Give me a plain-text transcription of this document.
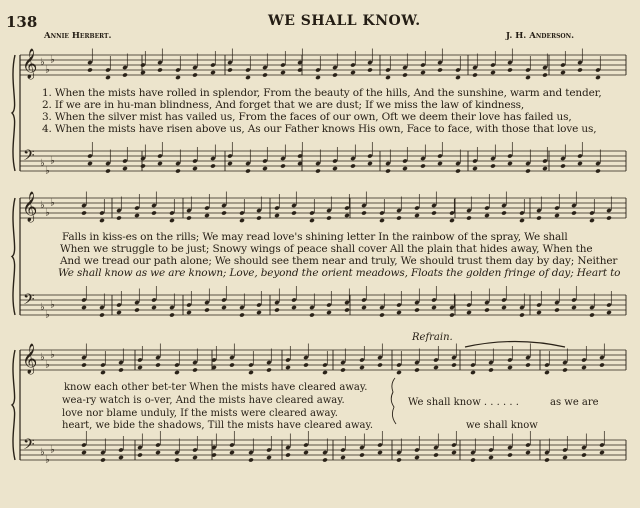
𝄞
𝄢
♭
♭
♭
♭
♭
♭
𝄞
𝄢
♭
♭
♭
♭
♭
♭
𝄞
𝄢
♭
♭
♭
♭
♭
♭
138	WE SHALL KNOW.
Annie Herbert.	J. H. Anderson.
1. When the mists have rolled in splendor, From the beauty of the hills, And the sunshine, warm and tender,
2. If we are in hu-man blindness, And forget that we are dust; If we miss the law of kindness,
3. When the silver mist has vailed us, From the faces of our own, Oft we deem their love has failed us,
4. When the mists have risen above us, As our Father knows His own, Face to face, with those that love us,
Falls in kiss-es on the rills; We may read love's shining letter In the rainbow of the spray, We shall
When we struggle to be just; Snowy wings of peace shall cover All the plain that hides away, When the
And we tread our path alone; We should see them near and truly, We should trust them day by day; Neither
We shall know as we are known; Love, beyond the orient meadows, Floats the golden fringe of day; Heart to
know each other bet-ter When the mists have cleared away.
wea-ry watch is o-ver, And the mists have cleared away.
love nor blame unduly, If the mists were cleared away.
heart, we bide the shadows, Till the mists have cleared away.
Refrain.
We shall know . . . . . .	as we are
we shall know
